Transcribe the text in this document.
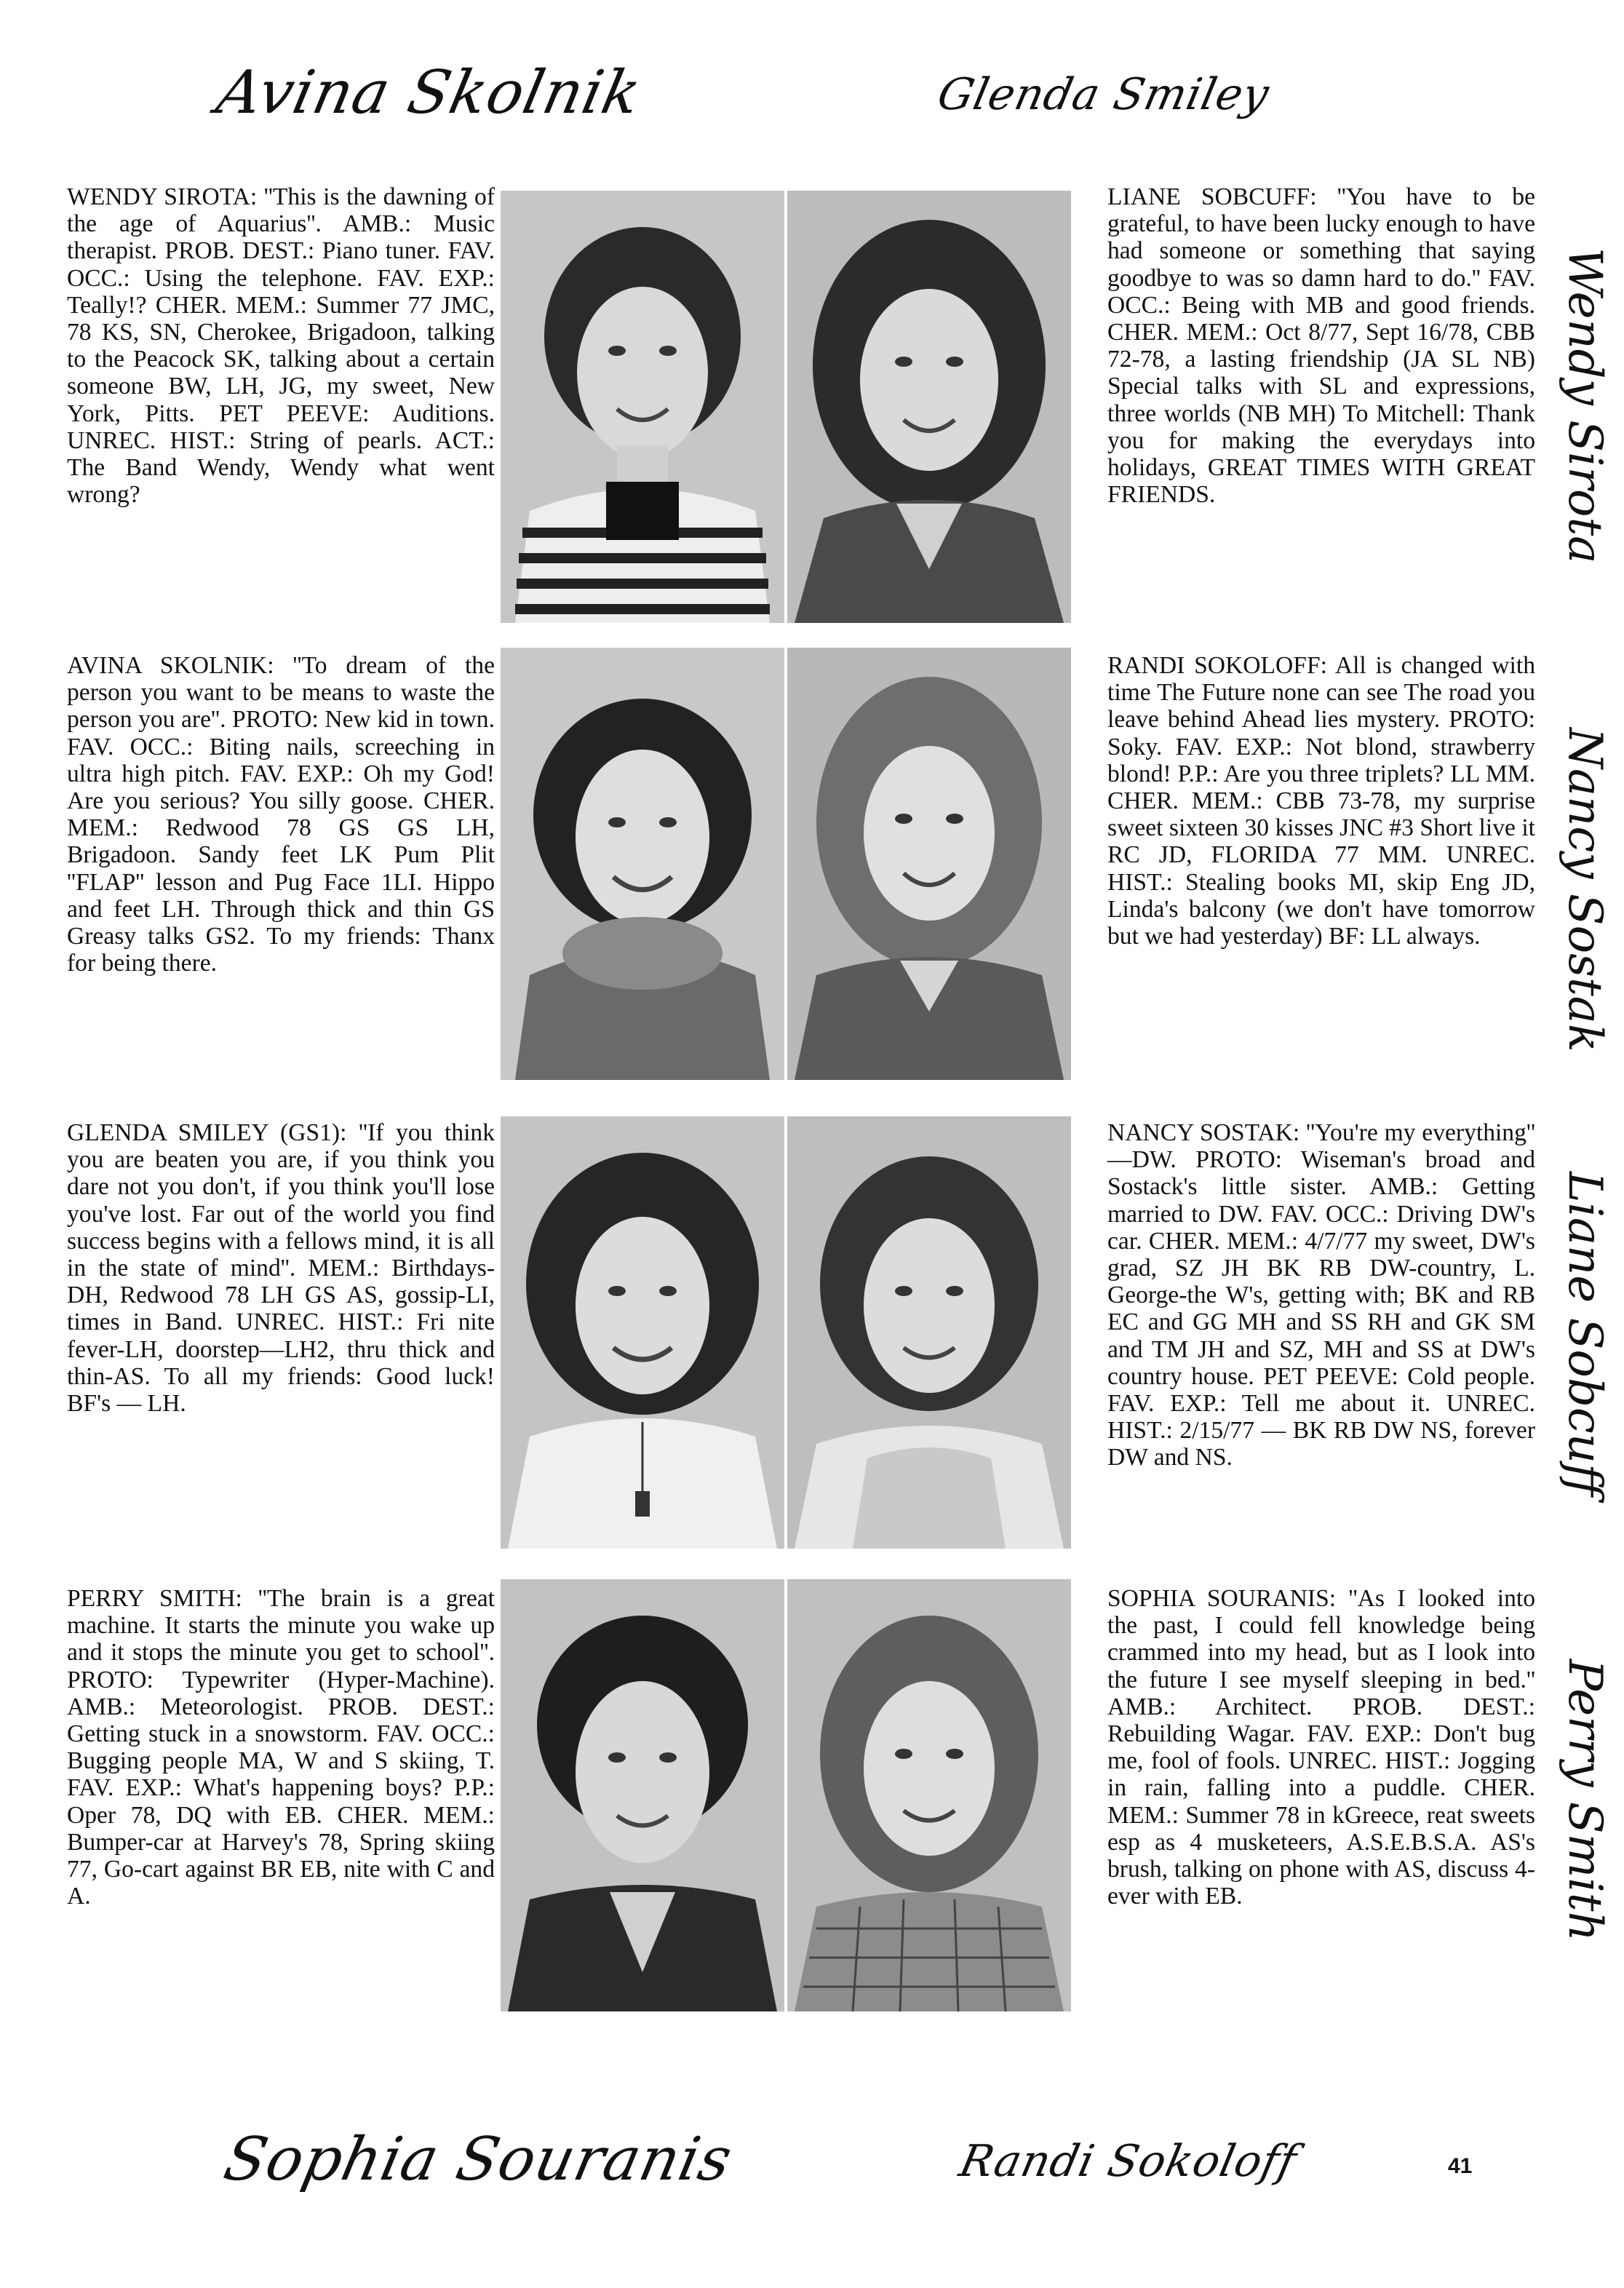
Avina Skolnik	Glenda Smiley
Wendy Sirota
Nancy Sostak
Liane Sobcuff
Perry Smith
Sophia Souranis	Randi Sokoloff

WENDY SIROTA: ''This is the dawning of the age of Aquarius''. AMB.: Music therapist. PROB. DEST.: Piano tuner. FAV. OCC.: Using the telephone. FAV. EXP.: Teally!? CHER. MEM.: Summer 77 JMC, 78 KS, SN, Cherokee, Brigadoon, talking to the Peacock SK, talking about a certain someone BW, LH, JG, my sweet, New York, Pitts. PET PEEVE: Auditions. UNREC. HIST.: String of pearls. ACT.: The Band Wendy, Wendy what went wrong?

LIANE SOBCUFF: ''You have to be grateful, to have been lucky enough to have had someone or something that saying goodbye to was so damn hard to do.'' FAV. OCC.: Being with MB and good friends. CHER. MEM.: Oct 8/77, Sept 16/78, CBB 72-78, a lasting friendship (JA SL NB) Special talks with SL and expressions, three worlds (NB MH) To Mitchell: Thank you for making the everydays into holidays, GREAT TIMES WITH GREAT FRIENDS.

AVINA SKOLNIK: ''To dream of the person you want to be means to waste the person you are''. PROTO: New kid in town. FAV. OCC.: Biting nails, screeching in ultra high pitch. FAV. EXP.: Oh my God! Are you serious? You silly goose. CHER. MEM.: Redwood 78 GS GS LH, Brigadoon. Sandy feet LK Pum Plit ''FLAP'' lesson and Pug Face 1LI. Hippo and feet LH. Through thick and thin GS Greasy talks GS2. To my friends: Thanx for being there.

RANDI SOKOLOFF: All is changed with time The Future none can see The road you leave behind Ahead lies mystery. PROTO: Soky. FAV. EXP.: Not blond, strawberry blond! P.P.: Are you three triplets? LL MM. CHER. MEM.: CBB 73-78, my surprise sweet sixteen 30 kisses JNC #3 Short live it RC JD, FLORIDA 77 MM. UNREC. HIST.: Stealing books MI, skip Eng JD, Linda's balcony (we don't have tomorrow but we had yesterday) BF: LL always.

GLENDA SMILEY (GS1): ''If you think you are beaten you are, if you think you dare not you don't, if you think you'll lose you've lost. Far out of the world you find success begins with a fellows mind, it is all in the state of mind''. MEM.: Birthdays-DH, Redwood 78 LH GS AS, gossip-LI, times in Band. UNREC. HIST.: Fri nite fever-LH, doorstep—LH2, thru thick and thin-AS. To all my friends: Good luck! BF's — LH.

NANCY SOSTAK: ''You're my everything'' —DW. PROTO: Wiseman's broad and Sostack's little sister. AMB.: Getting married to DW. FAV. OCC.: Driving DW's car. CHER. MEM.: 4/7/77 my sweet, DW's grad, SZ JH BK RB DW-country, L. George-the W's, getting with; BK and RB EC and GG MH and SS RH and GK SM and TM JH and SZ, MH and SS at DW's country house. PET PEEVE: Cold people. FAV. EXP.: Tell me about it. UNREC. HIST.: 2/15/77 — BK RB DW NS, forever DW and NS.

PERRY SMITH: ''The brain is a great machine. It starts the minute you wake up and it stops the minute you get to school''. PROTO: Typewriter (Hyper-Machine). AMB.: Meteorologist. PROB. DEST.: Getting stuck in a snowstorm. FAV. OCC.: Bugging people MA, W and S skiing, T. FAV. EXP.: What's happening boys? P.P.: Oper 78, DQ with EB. CHER. MEM.: Bumper-car at Harvey's 78, Spring skiing 77, Go-cart against BR EB, nite with C and A.

SOPHIA SOURANIS: ''As I looked into the past, I could fell knowledge being crammed into my head, but as I look into the future I see myself sleeping in bed.'' AMB.: Architect. PROB. DEST.: Rebuilding Wagar. FAV. EXP.: Don't bug me, fool of fools. UNREC. HIST.: Jogging in rain, falling into a puddle. CHER. MEM.: Summer 78 in kGreece, reat sweets esp as 4 musketeers, A.S.E.B.S.A. AS's brush, talking on phone with AS, discuss 4-ever with EB.

41
